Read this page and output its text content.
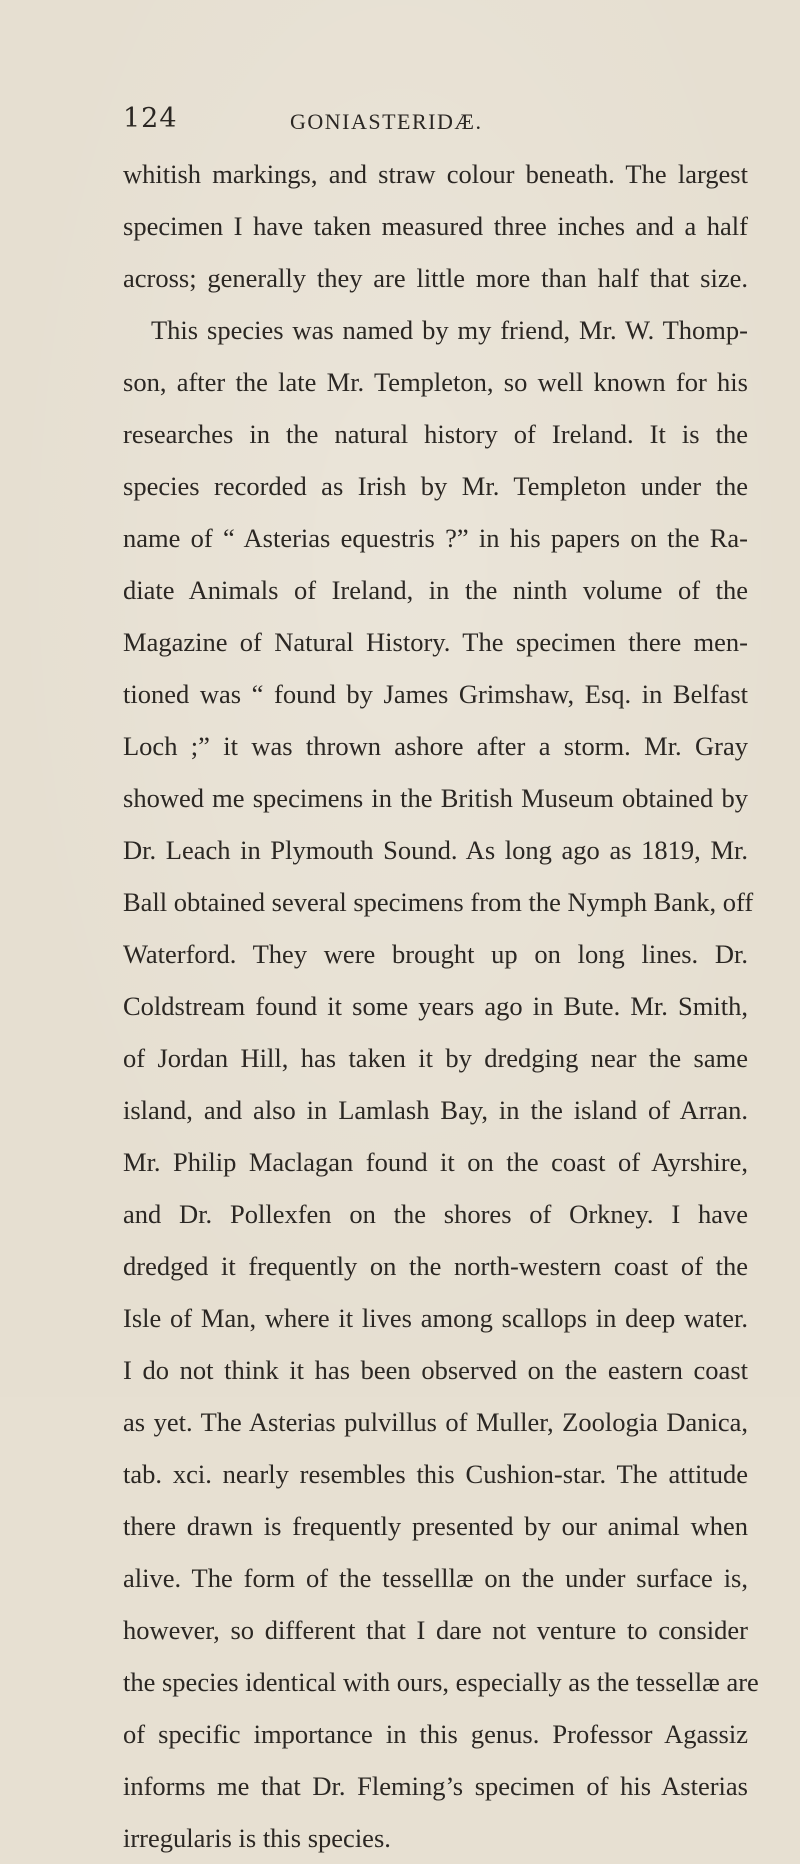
124	GONIASTERIDÆ.
whitish markings, and straw colour beneath. The largest
specimen I have taken measured three inches and a half
across; generally they are little more than half that size.
This species was named by my friend, Mr. W. Thomp-
son, after the late Mr. Templeton, so well known for his
researches in the natural history of Ireland. It is the
species recorded as Irish by Mr. Templeton under the
name of “ Asterias equestris ?” in his papers on the Ra-
diate Animals of Ireland, in the ninth volume of the
Magazine of Natural History. The specimen there men-
tioned was “ found by James Grimshaw, Esq. in Belfast
Loch ;” it was thrown ashore after a storm. Mr. Gray
showed me specimens in the British Museum obtained by
Dr. Leach in Plymouth Sound. As long ago as 1819, Mr.
Ball obtained several specimens from the Nymph Bank, off
Waterford. They were brought up on long lines. Dr.
Coldstream found it some years ago in Bute. Mr. Smith,
of Jordan Hill, has taken it by dredging near the same
island, and also in Lamlash Bay, in the island of Arran.
Mr. Philip Maclagan found it on the coast of Ayrshire,
and Dr. Pollexfen on the shores of Orkney. I have
dredged it frequently on the north-western coast of the
Isle of Man, where it lives among scallops in deep water.
I do not think it has been observed on the eastern coast
as yet. The Asterias pulvillus of Muller, Zoologia Danica,
tab. xci. nearly resembles this Cushion-star. The attitude
there drawn is frequently presented by our animal when
alive. The form of the tesselllæ on the under surface is,
however, so different that I dare not venture to consider
the species identical with ours, especially as the tessellæ are
of specific importance in this genus. Professor Agassiz
informs me that Dr. Fleming’s specimen of his Asterias
irregularis is this species.
